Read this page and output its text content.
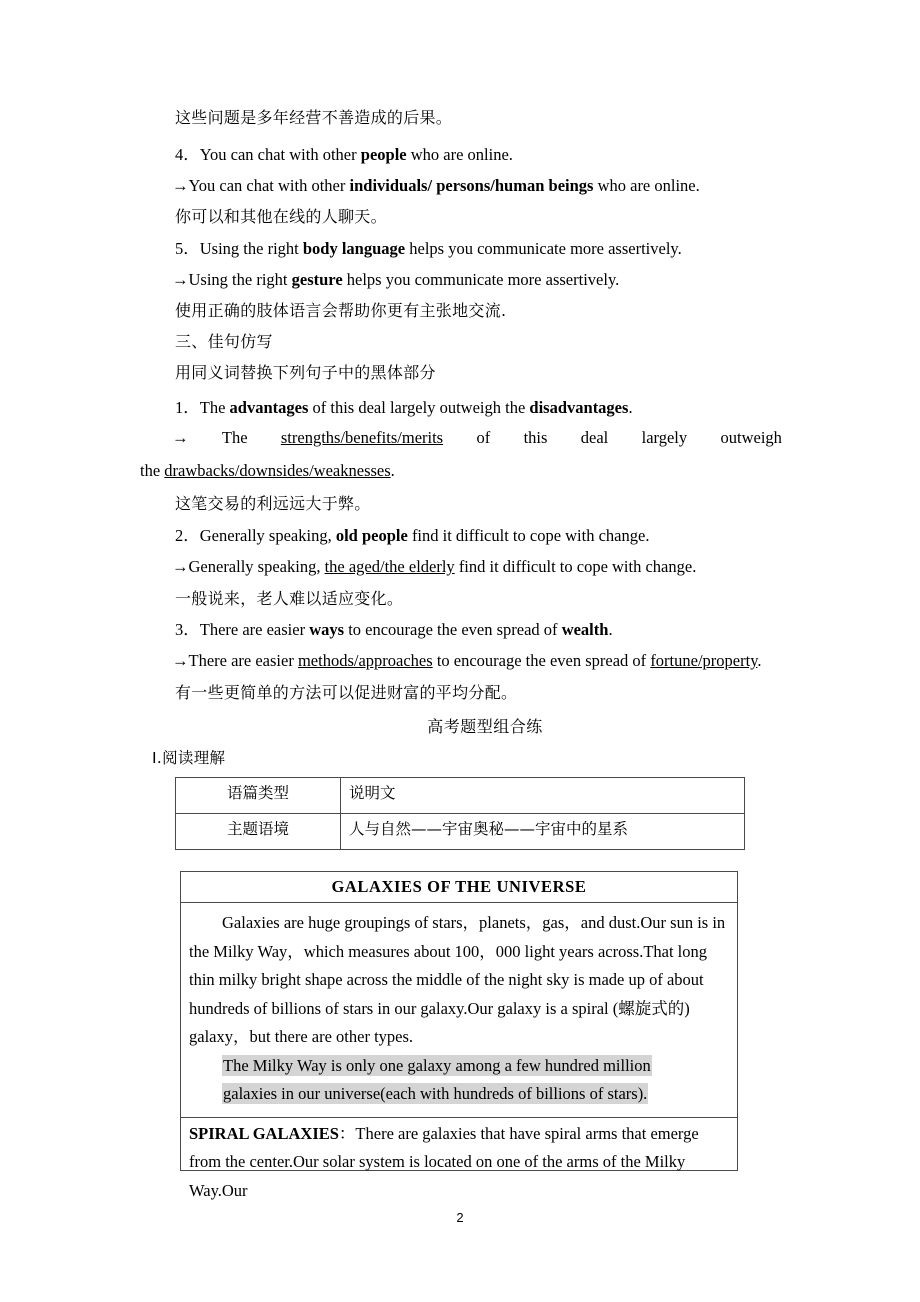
这些问题是多年经营不善造成的后果。
4．You can chat with other people who are online.
→You can chat with other individuals/ persons/human beings who are online.
你可以和其他在线的人聊天。
5．Using the right body language helps you communicate more assertively.
→Using the right gesture helps you communicate more assertively.
使用正确的肢体语言会帮助你更有主张地交流.
三、佳句仿写
用同义词替换下列句子中的黑体部分
1．The advantages of this deal largely outweigh the disadvantages.
→ The strengths/benefits/merits of this deal largely outweigh
the drawbacks/downsides/weaknesses.
这笔交易的利远远大于弊。
2．Generally speaking, old people find it difficult to cope with change.
→Generally speaking, the aged/the elderly find it difficult to cope with change.
一般说来，老人难以适应变化。
3．There are easier ways to encourage the even spread of wealth.
→There are easier methods/approaches to encourage the even spread of fortune/property.
有一些更简单的方法可以促进财富的平均分配。
高考题型组合练
Ⅰ.阅读理解
语篇类型	说明文
主题语境	人与自然——宇宙奥秘——宇宙中的星系
GALAXIES OF THE UNIVERSE

Galaxies are huge groupings of stars，planets，gas，and dust.Our sun is in the Milky Way，which measures about 100，000 light years across.That long thin milky bright shape across the middle of the night sky is made up of about hundreds of billions of stars in our galaxy.Our galaxy is a spiral (螺旋式的) galaxy，but there are other types.

The Milky Way is only one galaxy among a few hundred million
galaxies in our universe(each with hundreds of billions of stars).

SPIRAL GALAXIES：There are galaxies that have spiral arms that emerge from the center.Our solar system is located on one of the arms of the Milky Way.Our

2
